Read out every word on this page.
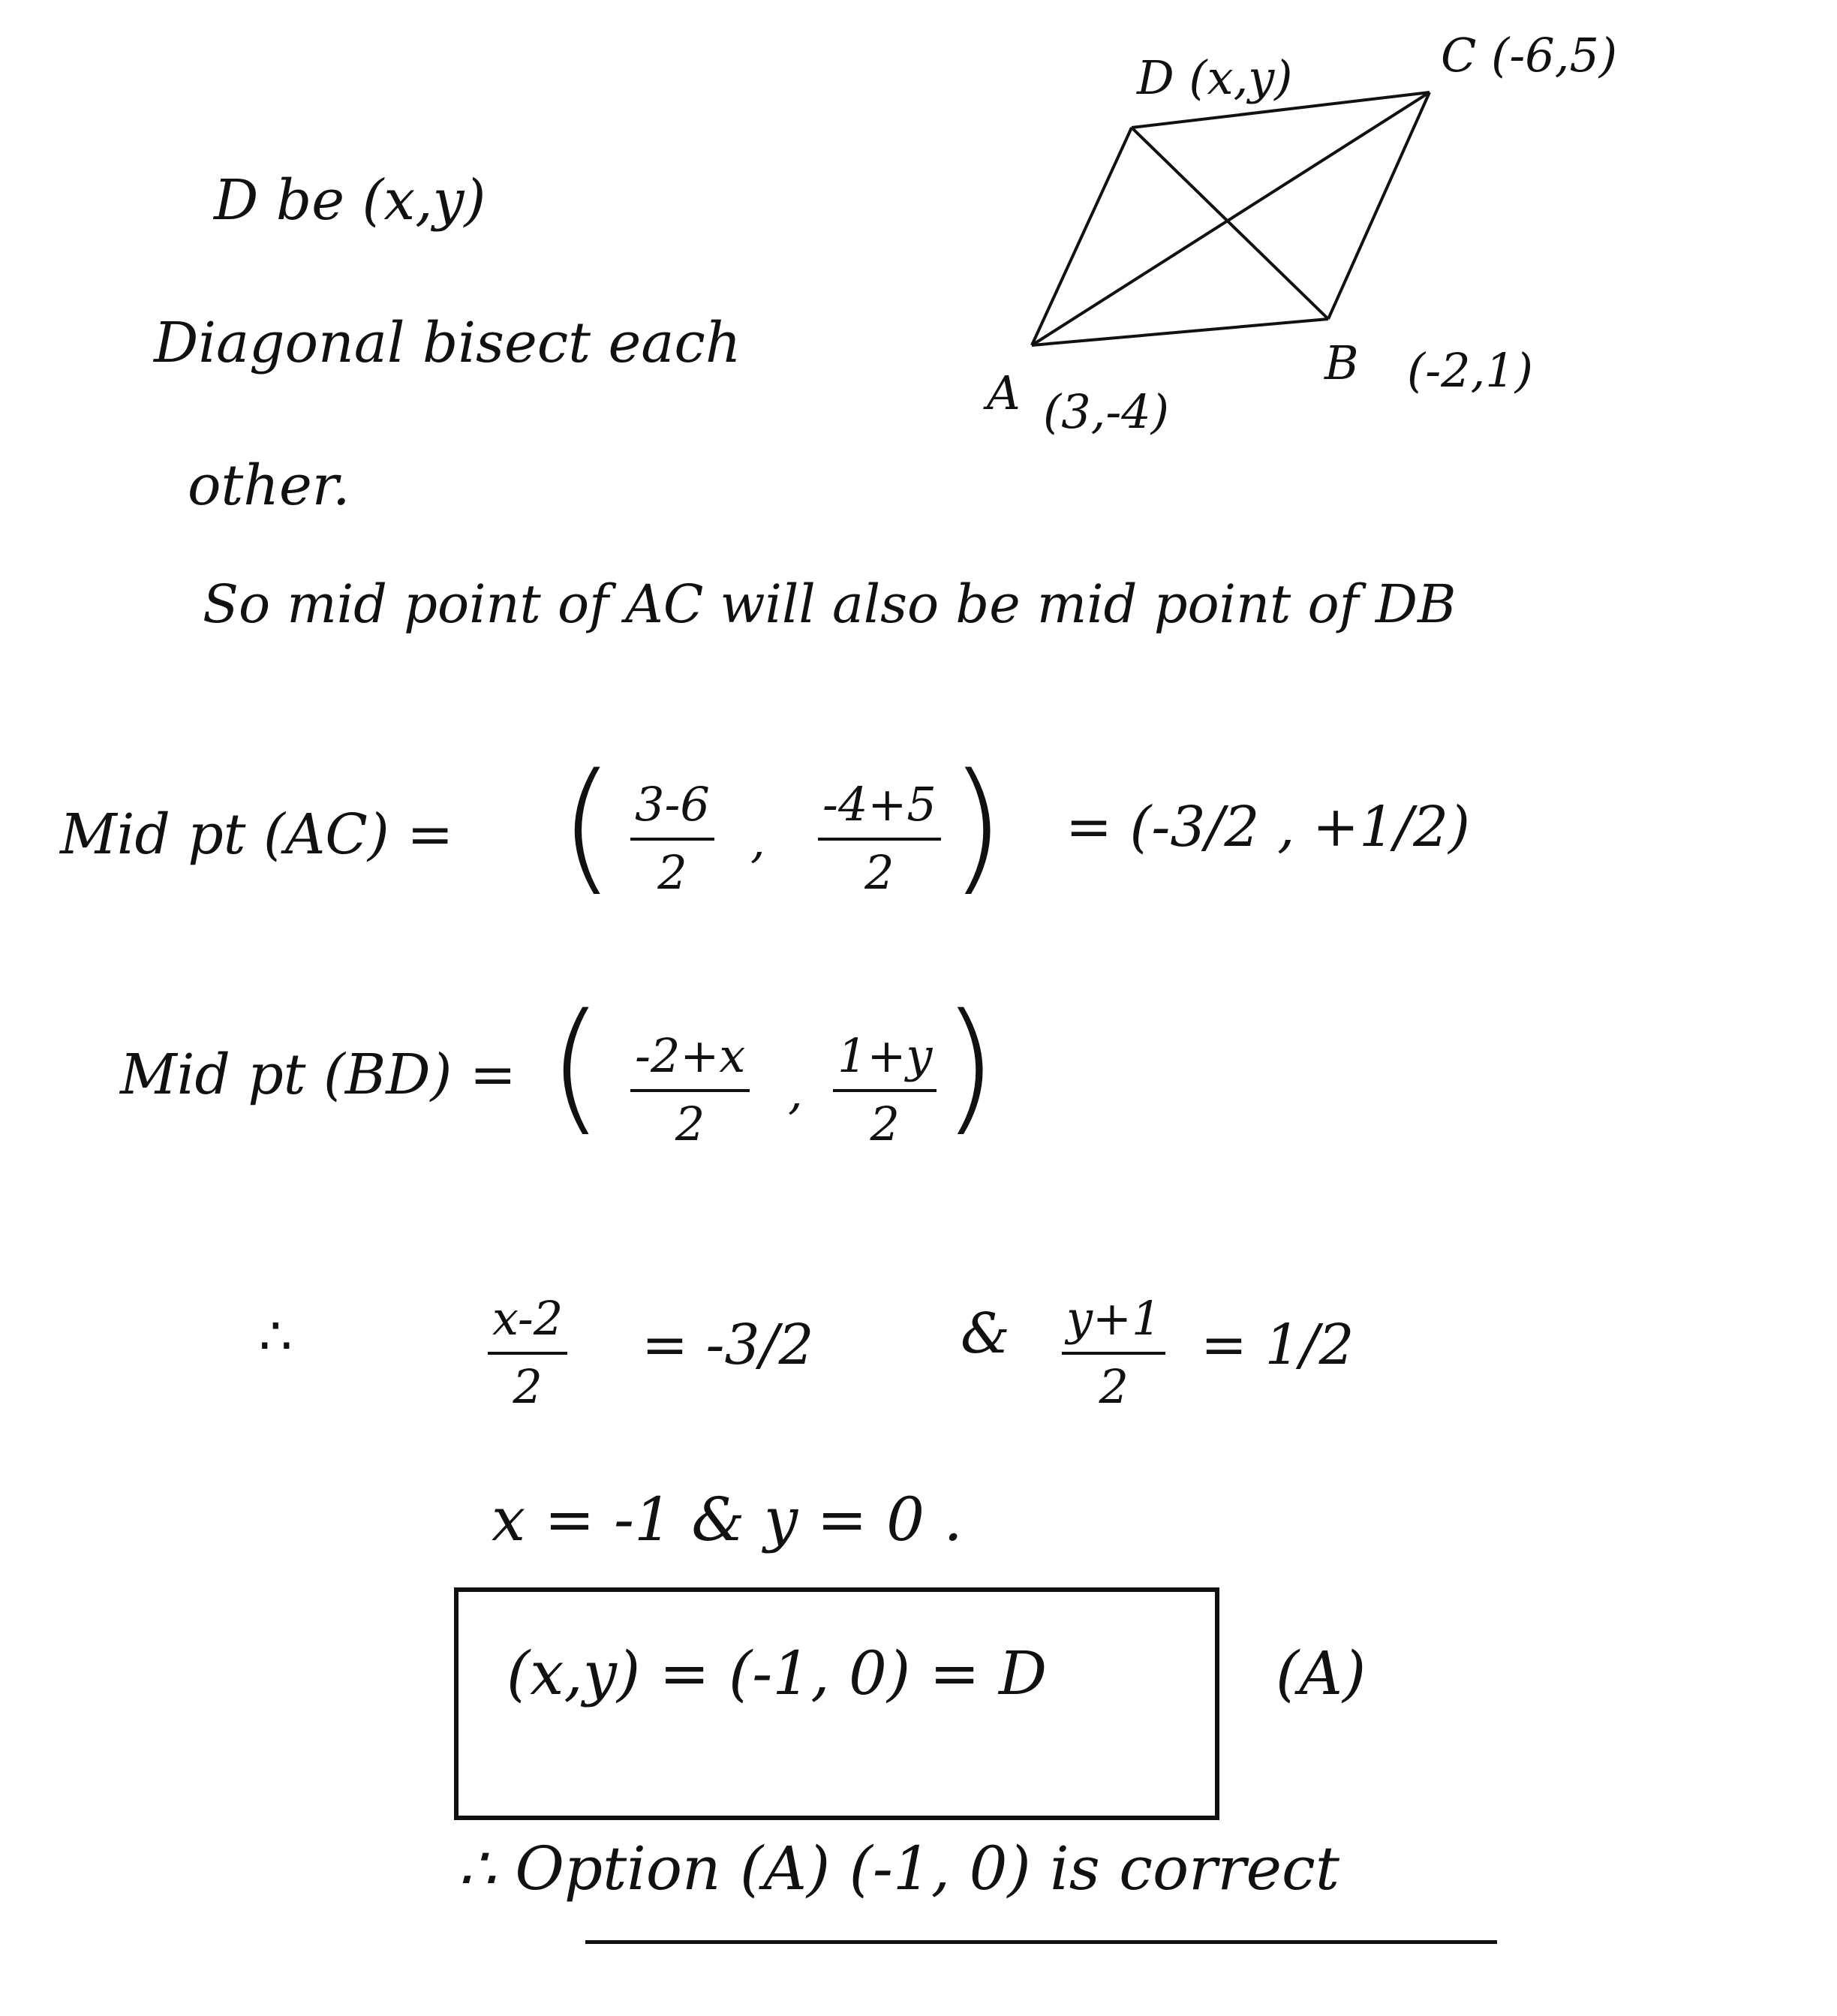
D (x,y)	C (-6,5)
A (3,-4)
B (-2,1)
D be (x,y)
Diagonal bisect each
other.
So mid point of AC will also be mid point of DB
Mid pt (AC) = ( $\frac{3-6}{2}$ , $\frac{-4+5}{2}$ ) = (-3/2 , +1/2)
Mid pt (BD) = ( $\frac{-2+x}{2}$ , $\frac{1+y}{2}$ )
∴	$\frac{x-2}{2} = -3/2$	& $\frac{y+1}{2} = 1/2$
x = -1 & y = 0 .
(x,y) = (-1, 0) = D	(A)
∴ Option (A) (-1, 0) is correct
